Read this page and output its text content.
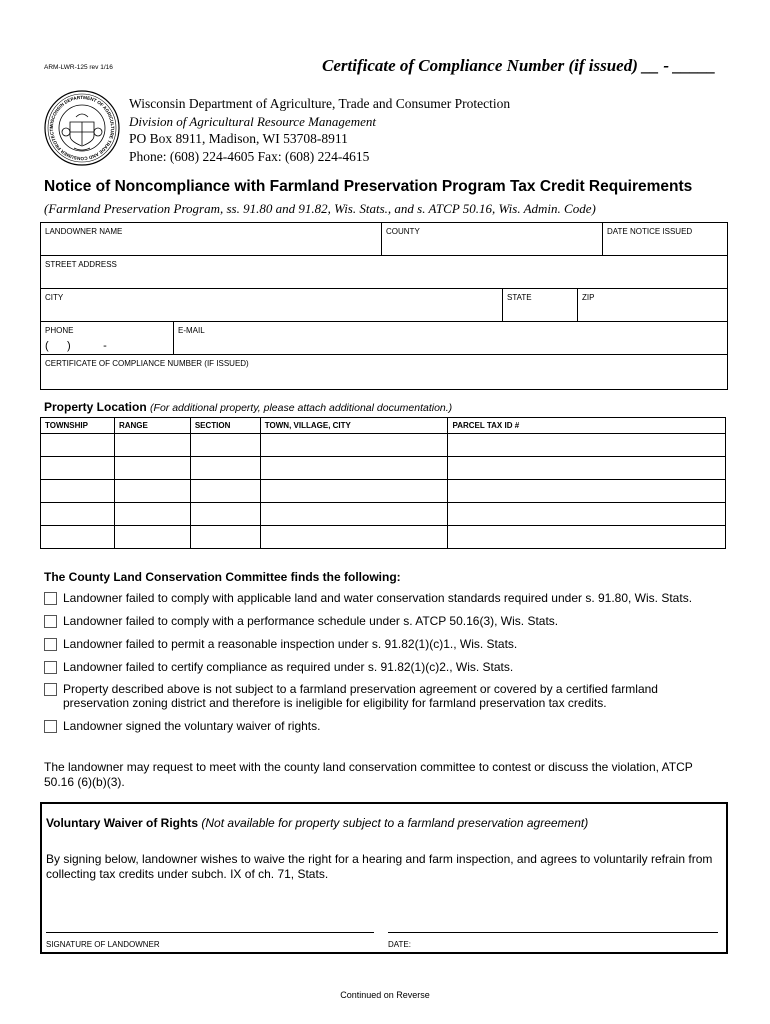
ARM-LWR-125 rev 1/16	Certificate of Compliance Number (if issued) __ - _____
WISCONSIN DEPARTMENT OF AGRICULTURE TRADE AND CONSUMER PROTECTI
Wisconsin Department of Agriculture, Trade and Consumer Protection
Division of Agricultural Resource Management
PO Box 8911, Madison, WI 53708-8911
Phone: (608) 224-4605 Fax: (608) 224-4615
Notice of Noncompliance with Farmland Preservation Program Tax Credit Requirements
(Farmland Preservation Program, ss. 91.80 and 91.82, Wis. Stats., and s. ATCP 50.16, Wis. Admin. Code)
LANDOWNER NAME	COUNTY	DATE NOTICE ISSUED
STREET ADDRESS
CITY	STATE	ZIP
PHONE
(     )         -
E-MAIL
CERTIFICATE OF COMPLIANCE NUMBER (IF ISSUED)
Property Location (For additional property, please attach additional documentation.)
TOWNSHIP	RANGE	SECTION	TOWN, VILLAGE, CITY	PARCEL TAX ID #

The County Land Conservation Committee finds the following:
Landowner failed to comply with applicable land and water conservation standards required under s. 91.80, Wis. Stats.
Landowner failed to comply with a performance schedule under s. ATCP 50.16(3), Wis. Stats.
Landowner failed to permit a reasonable inspection under s. 91.82(1)(c)1., Wis. Stats.
Landowner failed to certify compliance as required under s. 91.82(1)(c)2., Wis. Stats.
Property described above is not subject to a farmland preservation agreement or covered by a certified farmland preservation zoning district and therefore is ineligible for eligibility for farmland preservation tax credits.
Landowner signed the voluntary waiver of rights.
The landowner may request to meet with the county land conservation committee to contest or discuss the violation, ATCP 50.16 (6)(b)(3).
Voluntary Waiver of Rights (Not available for property subject to a farmland preservation agreement)
By signing below, landowner wishes to waive the right for a hearing and farm inspection, and agrees to voluntarily refrain from collecting tax credits under subch. IX of ch. 71, Stats.
SIGNATURE OF LANDOWNER	DATE:
Continued on Reverse
